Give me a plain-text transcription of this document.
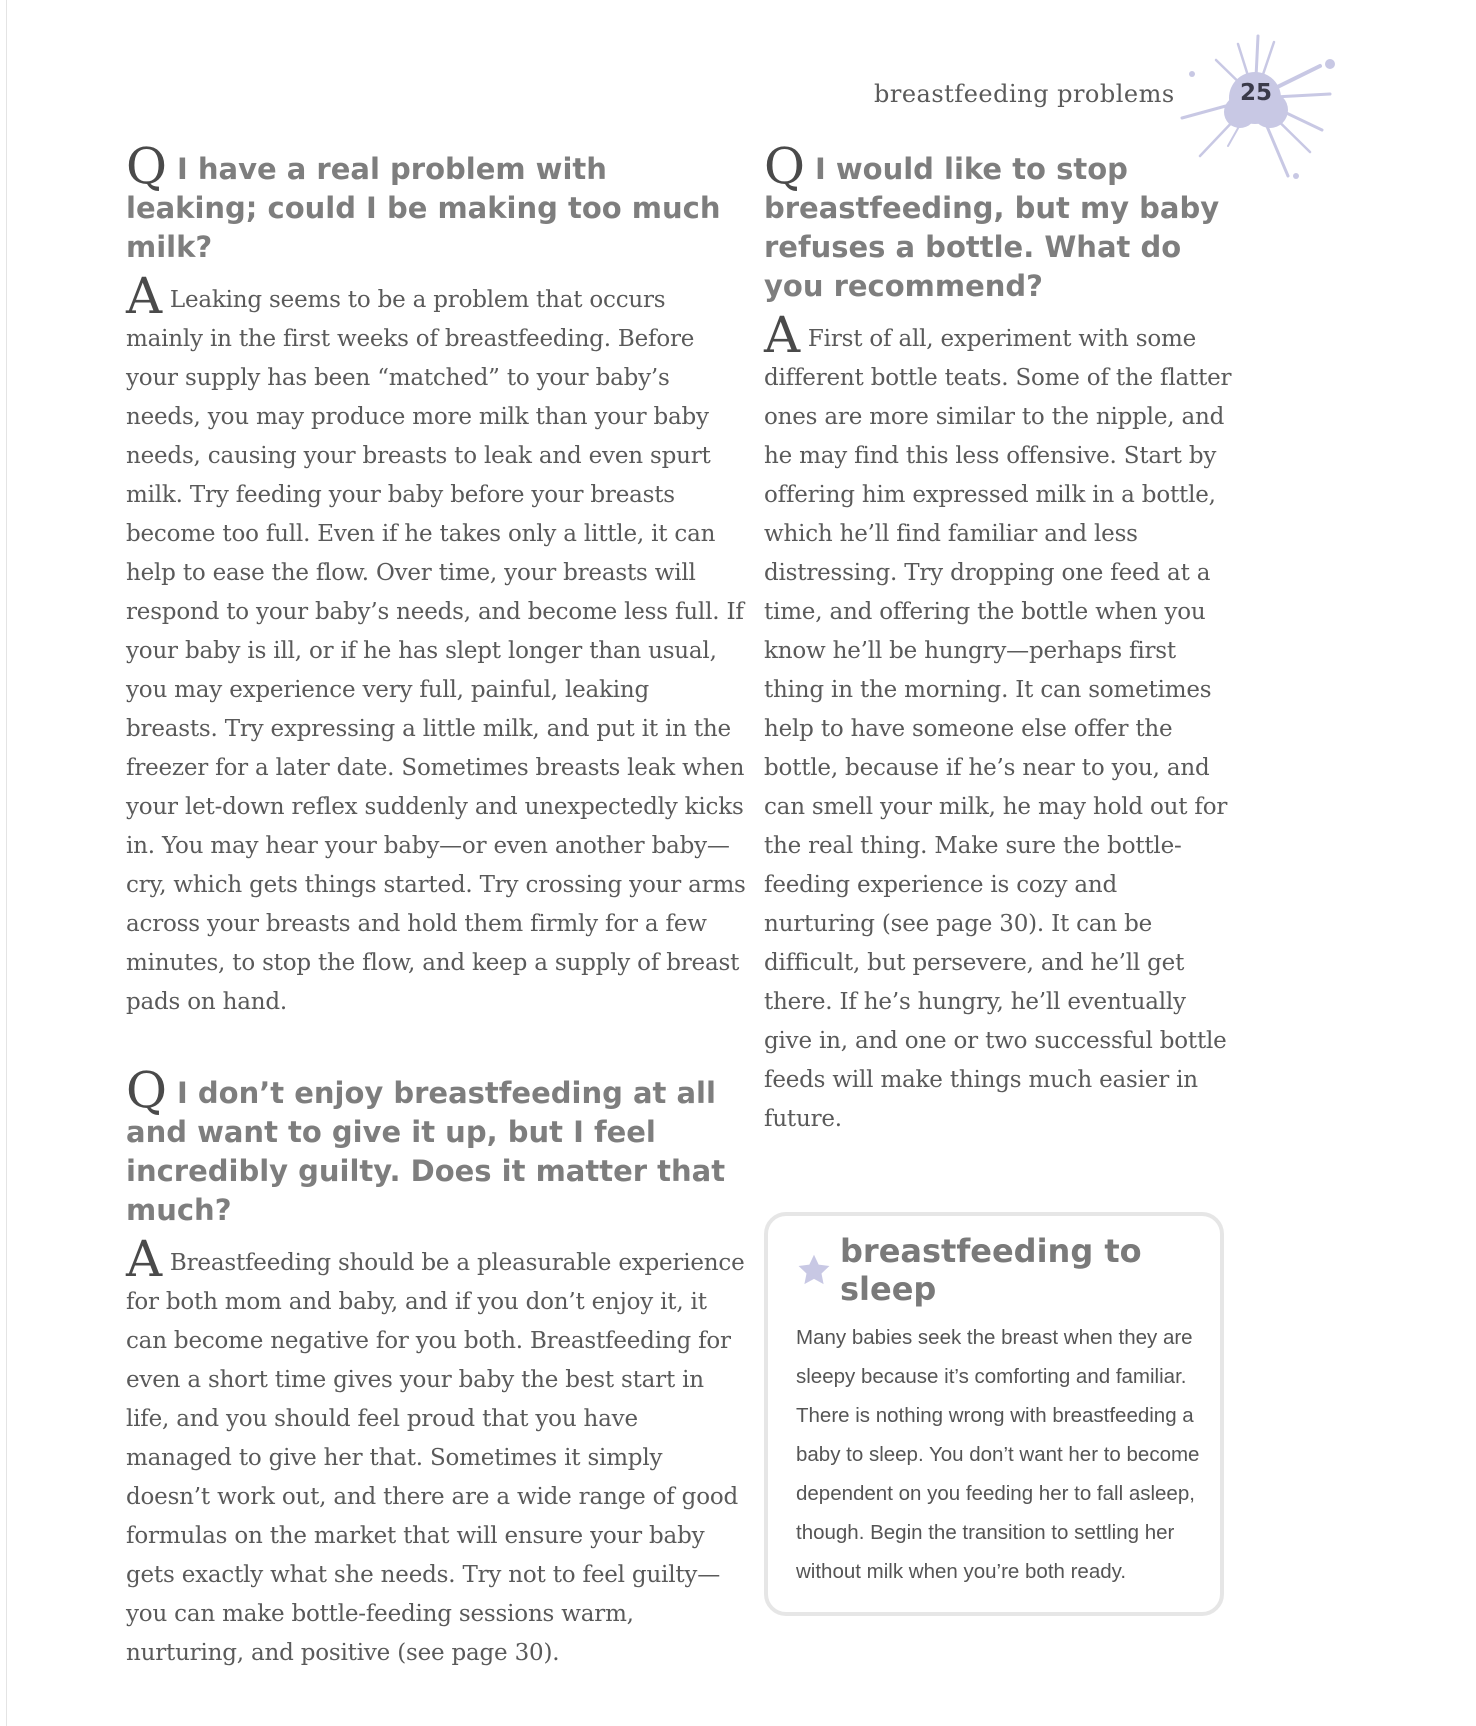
breastfeeding problems	25

Q I have a real problem with leaking; could I be making too much milk?

A Leaking seems to be a problem that occurs mainly in the first weeks of breastfeeding. Before your supply has been “matched” to your baby’s needs, you may produce more milk than your baby needs, causing your breasts to leak and even spurt milk. Try feeding your baby before your breasts become too full. Even if he takes only a little, it can help to ease the flow. Over time, your breasts will respond to your baby’s needs, and become less full. If your baby is ill, or if he has slept longer than usual, you may experience very full, painful, leaking breasts. Try expressing a little milk, and put it in the freezer for a later date. Sometimes breasts leak when your let-down reflex suddenly and unexpectedly kicks in. You may hear your baby—or even another baby—cry, which gets things started. Try crossing your arms across your breasts and hold them firmly for a few minutes, to stop the flow, and keep a supply of breast pads on hand.

Q I don’t enjoy breastfeeding at all and want to give it up, but I feel incredibly guilty. Does it matter that much?

A Breastfeeding should be a pleasurable experience for both mom and baby, and if you don’t enjoy it, it can become negative for you both. Breastfeeding for even a short time gives your baby the best start in life, and you should feel proud that you have managed to give her that. Sometimes it simply doesn’t work out, and there are a wide range of good formulas on the market that will ensure your baby gets exactly what she needs. Try not to feel guilty—you can make bottle-feeding sessions warm, nurturing, and positive (see page 30).

Q I would like to stop breastfeeding, but my baby refuses a bottle. What do you recommend?

A First of all, experiment with some different bottle teats. Some of the flatter ones are more similar to the nipple, and he may find this less offensive. Start by offering him expressed milk in a bottle, which he’ll find familiar and less distressing. Try dropping one feed at a time, and offering the bottle when you know he’ll be hungry—perhaps first thing in the morning. It can sometimes help to have someone else offer the bottle, because if he’s near to you, and can smell your milk, he may hold out for the real thing. Make sure the bottle-feeding experience is cozy and nurturing (see page 30). It can be difficult, but persevere, and he’ll get there. If he’s hungry, he’ll eventually give in, and one or two successful bottle feeds will make things much easier in future.

breastfeeding to sleep

Many babies seek the breast when they are sleepy because it’s comforting and familiar. There is nothing wrong with breastfeeding a baby to sleep. You don’t want her to become dependent on you feeding her to fall asleep, though. Begin the transition to settling her without milk when you’re both ready.
